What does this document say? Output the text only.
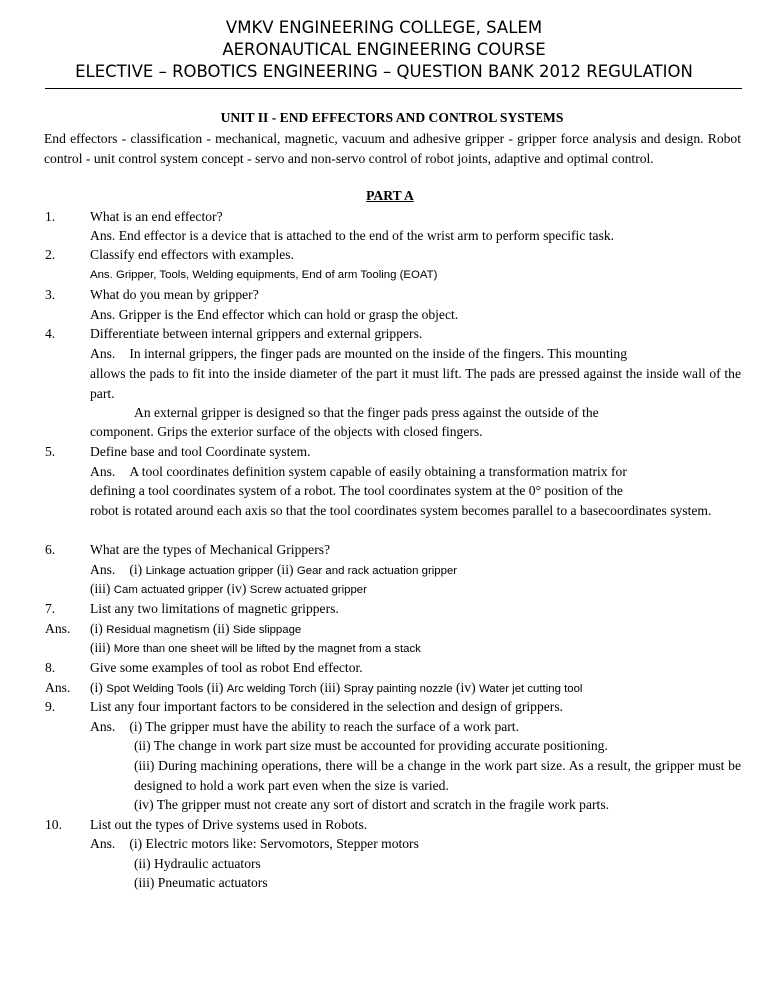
VMKV ENGINEERING COLLEGE, SALEM
AERONAUTICAL ENGINEERING COURSE
ELECTIVE – ROBOTICS ENGINEERING – QUESTION BANK 2012 REGULATION
UNIT II - END EFFECTORS AND CONTROL SYSTEMS
End effectors - classification - mechanical, magnetic, vacuum and adhesive gripper - gripper force analysis and design. Robot control - unit control system concept - servo and non-servo control of robot joints, adaptive and optimal control.
PART A
1.	What is an end effector?
Ans. End effector is a device that is attached to the end of the wrist arm to perform specific task.
2.	Classify end effectors with examples.
Ans. Gripper, Tools, Welding equipments, End of arm Tooling (EOAT)
3.	What do you mean by gripper?
Ans. Gripper is the End effector which can hold or grasp the object.
4.	Differentiate between internal grippers and external grippers.
Ans. In internal grippers, the finger pads are mounted on the inside of the fingers. This mounting
allows the pads to fit into the inside diameter of the part it must lift. The pads are pressed against the inside wall of the part.
An external gripper is designed so that the finger pads press against the outside of the
component. Grips the exterior surface of the objects with closed fingers.
5.	Define base and tool Coordinate system.
Ans. A tool coordinates definition system capable of easily obtaining a transformation matrix for
defining a tool coordinates system of a robot. The tool coordinates system at the 0° position of the
robot is rotated around each axis so that the tool coordinates system becomes parallel to a basecoordinates system.
6.	What are the types of Mechanical Grippers?
Ans. (i) Linkage actuation gripper (ii) Gear and rack actuation gripper
(iii) Cam actuated gripper (iv) Screw actuated gripper
7.	List any two limitations of magnetic grippers.
Ans. (i) Residual magnetism (ii) Side slippage
(iii) More than one sheet will be lifted by the magnet from a stack
8.	Give some examples of tool as robot End effector.
Ans. (i) Spot Welding Tools (ii) Arc welding Torch (iii) Spray painting nozzle (iv) Water jet cutting tool
9.	List any four important factors to be considered in the selection and design of grippers.
Ans. (i) The gripper must have the ability to reach the surface of a work part.
(ii) The change in work part size must be accounted for providing accurate positioning.
(iii) During machining operations, there will be a change in the work part size. As a result, the gripper must be designed to hold a work part even when the size is varied.
(iv) The gripper must not create any sort of distort and scratch in the fragile work parts.
10. List out the types of Drive systems used in Robots.
Ans. (i) Electric motors like: Servomotors, Stepper motors
(ii) Hydraulic actuators
(iii) Pneumatic actuators
